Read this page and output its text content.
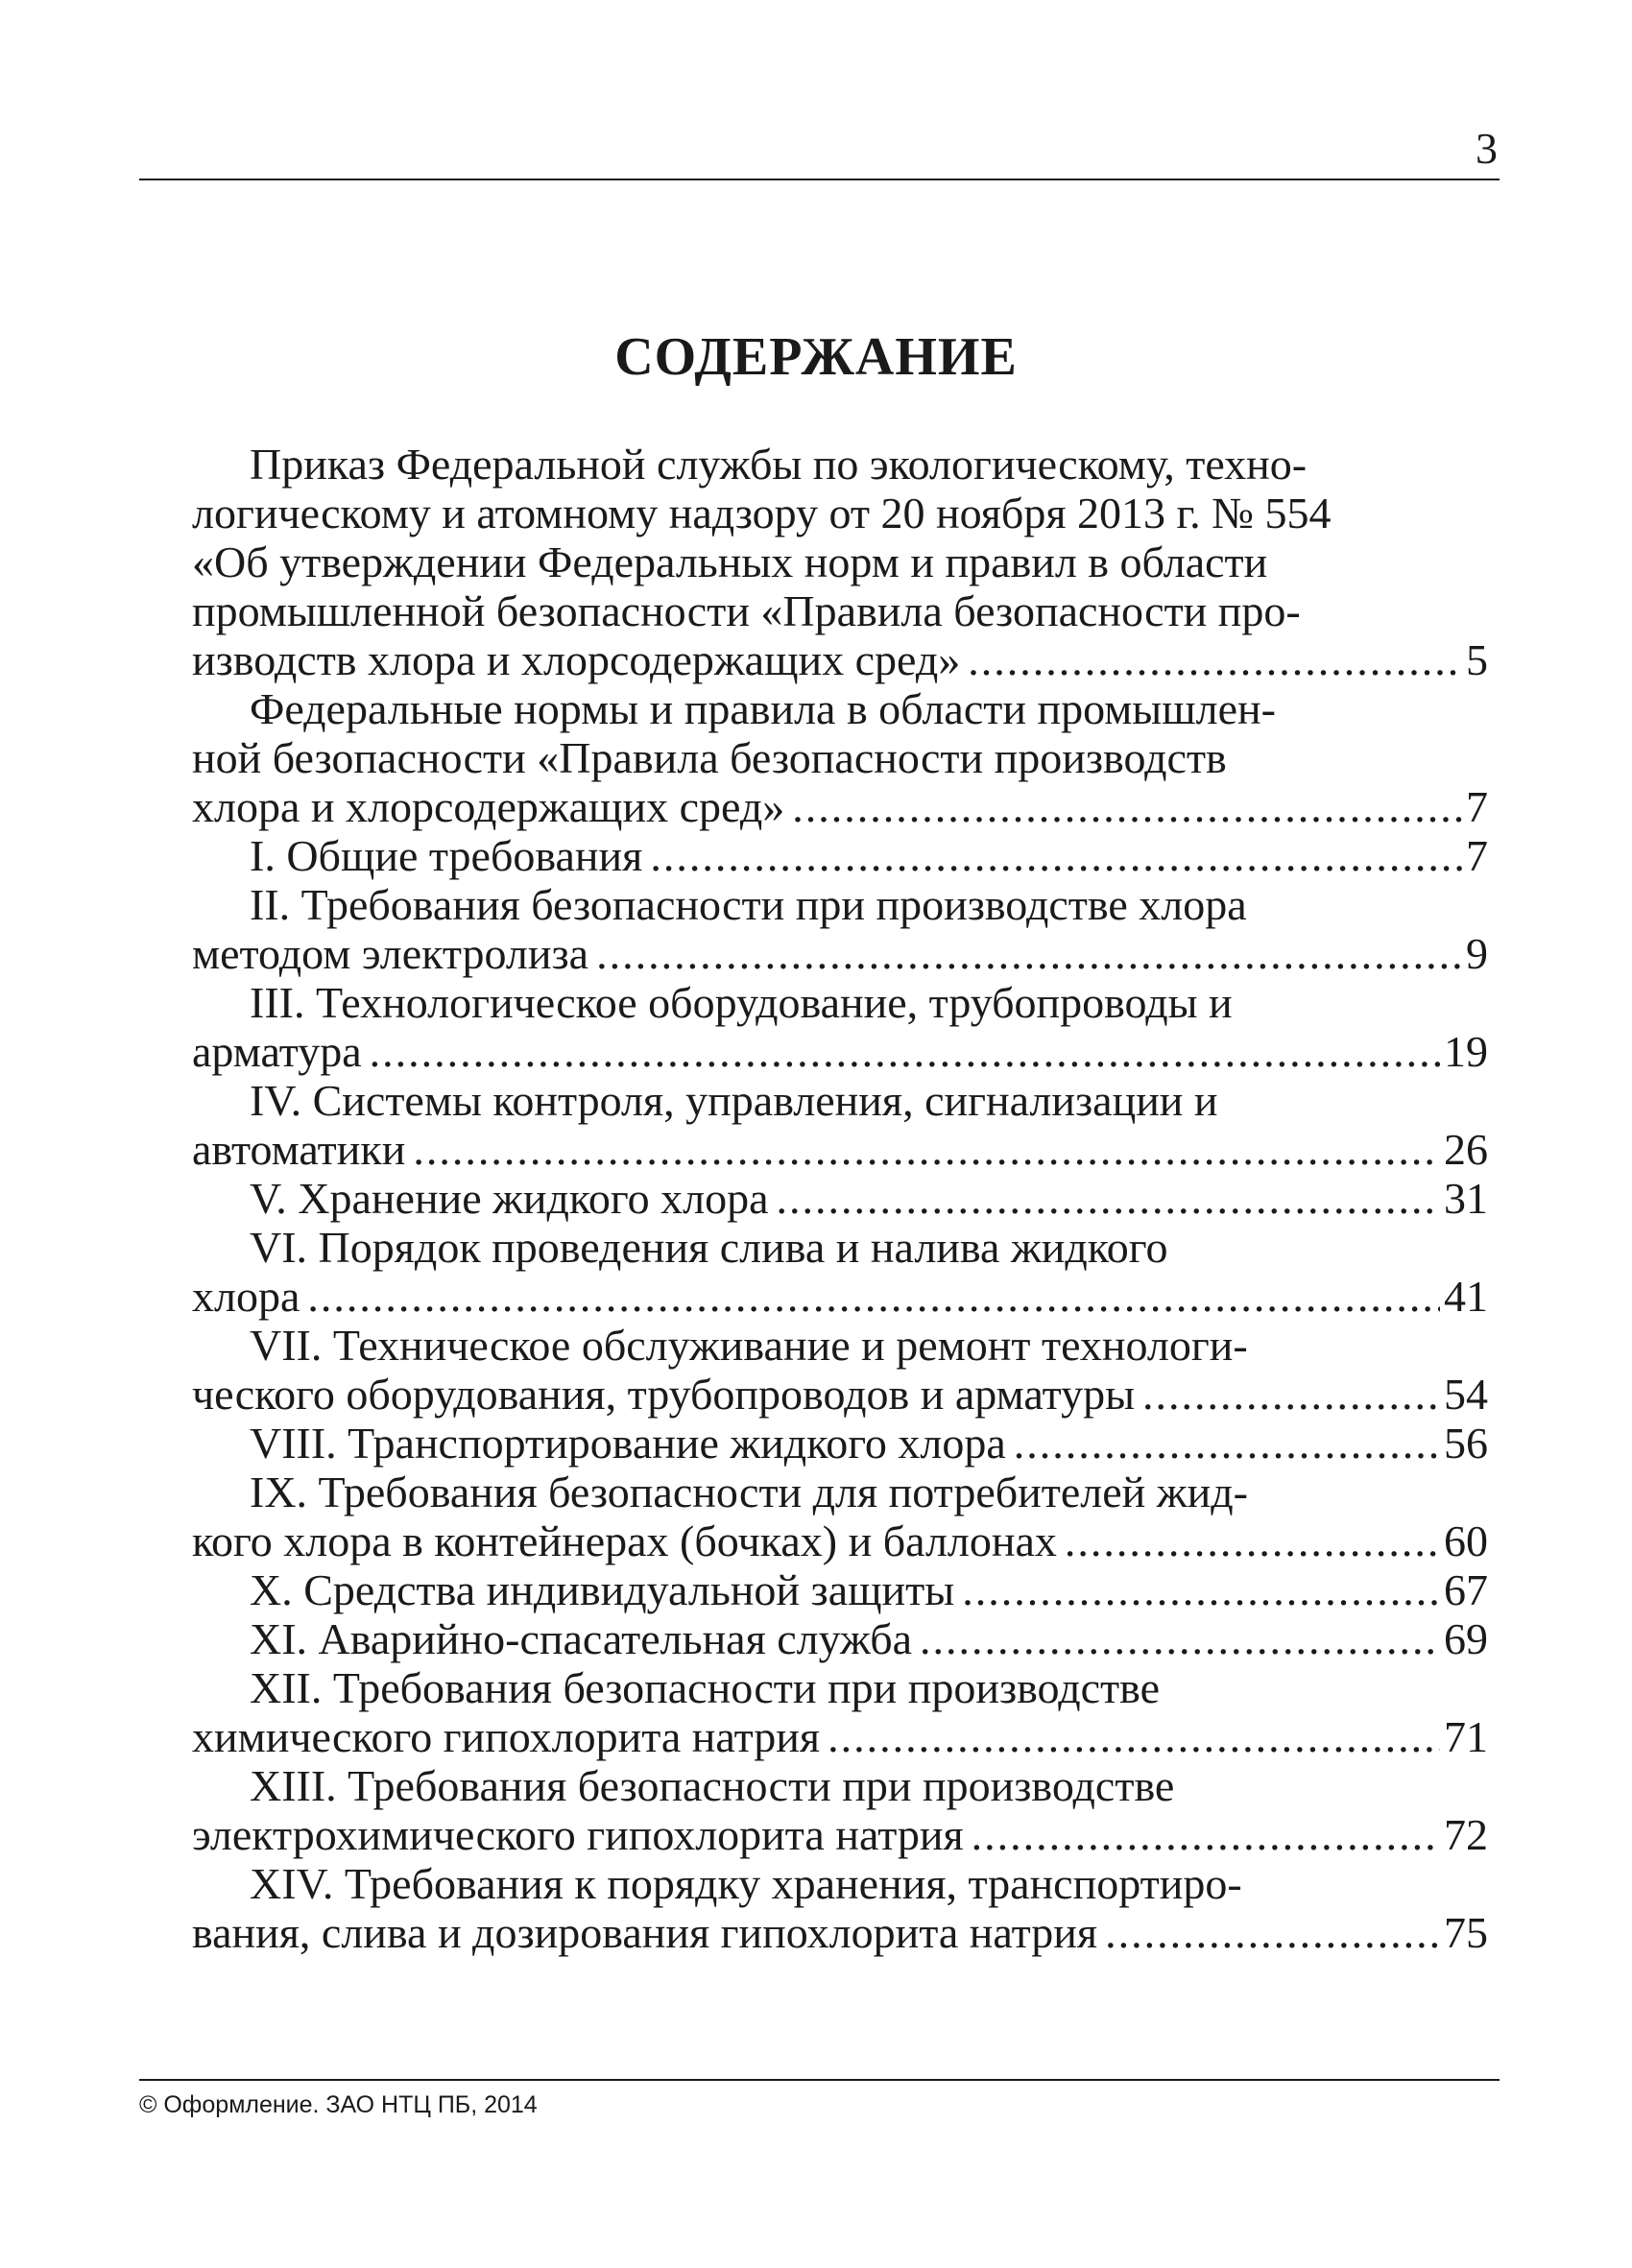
3
СОДЕРЖАНИЕ
Приказ Федеральной службы по экологическому, техно-
логическому и атомному надзору от 20 ноября 2013 г. № 554
«Об утверждении Федеральных норм и правил в области
промышленной безопасности «Правила безопасности про-
изводств хлора и хлорсодержащих сред» .....	5
Федеральные нормы и правила в области промышлен-
ной безопасности «Правила безопасности производств
хлора и хлорсодержащих сред» .....	7
I. Общие требования .....	7
II. Требования безопасности при производстве хлора
методом электролиза .....	9
III. Технологическое оборудование, трубопроводы и
арматура .....	19
IV. Системы контроля, управления, сигнализации и
автоматики .....	26
V. Хранение жидкого хлора .....	31
VI. Порядок проведения слива и налива жидкого
хлора .....	41
VII. Техническое обслуживание и ремонт технологи-
ческого оборудования, трубопроводов и арматуры .....	54
VIII. Транспортирование жидкого хлора .....	56
IX. Требования безопасности для потребителей жид-
кого хлора в контейнерах (бочках) и баллонах .....	60
X. Средства индивидуальной защиты .....	67
XI. Аварийно-спасательная служба .....	69
XII. Требования безопасности при производстве
химического гипохлорита натрия .....	71
XIII. Требования безопасности при производстве
электрохимического гипохлорита натрия .....	72
XIV. Требования к порядку хранения, транспортиро-
вания, слива и дозирования гипохлорита натрия .....	75
© Оформление. ЗАО НТЦ ПБ, 2014
